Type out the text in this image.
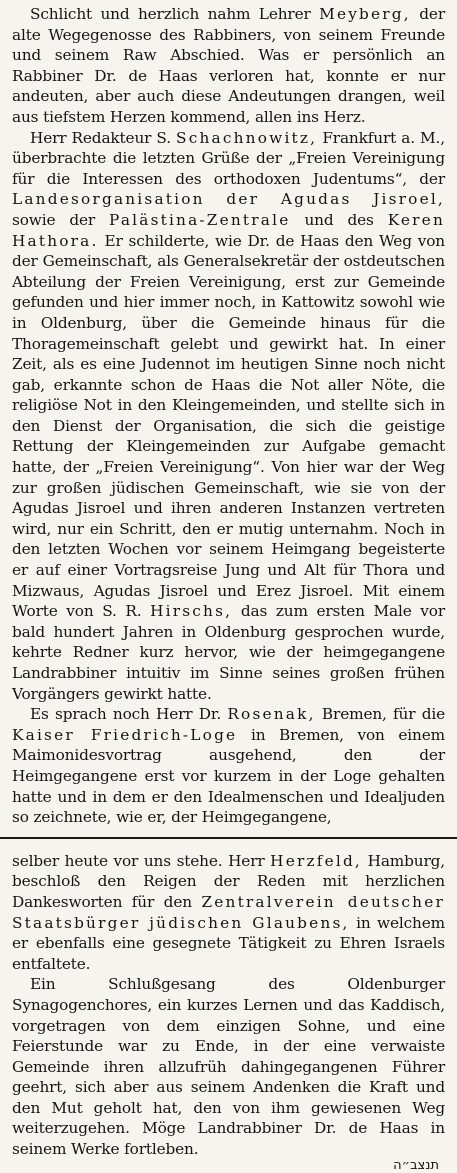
Schlicht und herzlich nahm Lehrer Meyberg, der alte Wegegenosse des Rabbiners, von seinem Freunde und seinem Raw Abschied. Was er persönlich an Rabbiner Dr. de Haas verloren hat, konnte er nur andeuten, aber auch diese Andeutungen drangen, weil aus tiefstem Herzen kommend, allen ins Herz.

Herr Redakteur S. Schachnowitz, Frankfurt a. M., überbrachte die letzten Grüße der „Freien Vereinigung für die Interessen des orthodoxen Judentums“, der Landesorganisation der Agudas Jisroel, sowie der Palästina-Zentrale und des Keren Hathora. Er schilderte, wie Dr. de Haas den Weg von der Gemeinschaft, als Generalsekretär der ostdeutschen Abteilung der Freien Vereinigung, erst zur Gemeinde gefunden und hier immer noch, in Kattowitz sowohl wie in Oldenburg, über die Gemeinde hinaus für die Thoragemeinschaft gelebt und gewirkt hat. In einer Zeit, als es eine Judennot im heutigen Sinne noch nicht gab, erkannte schon de Haas die Not aller Nöte, die religiöse Not in den Kleingemeinden, und stellte sich in den Dienst der Organisation, die sich die geistige Rettung der Kleingemeinden zur Aufgabe gemacht hatte, der „Freien Vereinigung“. Von hier war der Weg zur großen jüdischen Gemeinschaft, wie sie von der Agudas Jisroel und ihren anderen Instanzen vertreten wird, nur ein Schritt, den er mutig unternahm. Noch in den letzten Wochen vor seinem Heimgang begeisterte er auf einer Vortragsreise Jung und Alt für Thora und Mizwaus, Agudas Jisroel und Erez Jisroel. Mit einem Worte von S. R. Hirschs, das zum ersten Male vor bald hundert Jahren in Oldenburg gesprochen wurde, kehrte Redner kurz hervor, wie der heimgegangene Landrabbiner intuitiv im Sinne seines großen frühen Vorgängers gewirkt hatte.

Es sprach noch Herr Dr. Rosenak, Bremen, für die Kaiser Friedrich-Loge in Bremen, von einem Maimonidesvortrag ausgehend, den der Heimgegangene erst vor kurzem in der Loge gehalten hatte und in dem er den Idealmenschen und Idealjuden so zeichnete, wie er, der Heimgegangene,

selber heute vor uns stehe. Herr Herzfeld, Hamburg, beschloß den Reigen der Reden mit herzlichen Dankesworten für den Zentralverein deutscher Staatsbürger jüdischen Glaubens, in welchem er ebenfalls eine gesegnete Tätigkeit zu Ehren Israels entfaltete.

Ein Schlußgesang des Oldenburger Synagogenchores, ein kurzes Lernen und das Kaddisch, vorgetragen von dem einzigen Sohne, und eine Feierstunde war zu Ende, in der eine verwaiste Gemeinde ihren allzufrüh dahingegangenen Führer geehrt, sich aber aus seinem Andenken die Kraft und den Mut geholt hat, den von ihm gewiesenen Weg weiterzugehen. Möge Landrabbiner Dr. de Haas in seinem Werke fortleben.

תנצב״ה
